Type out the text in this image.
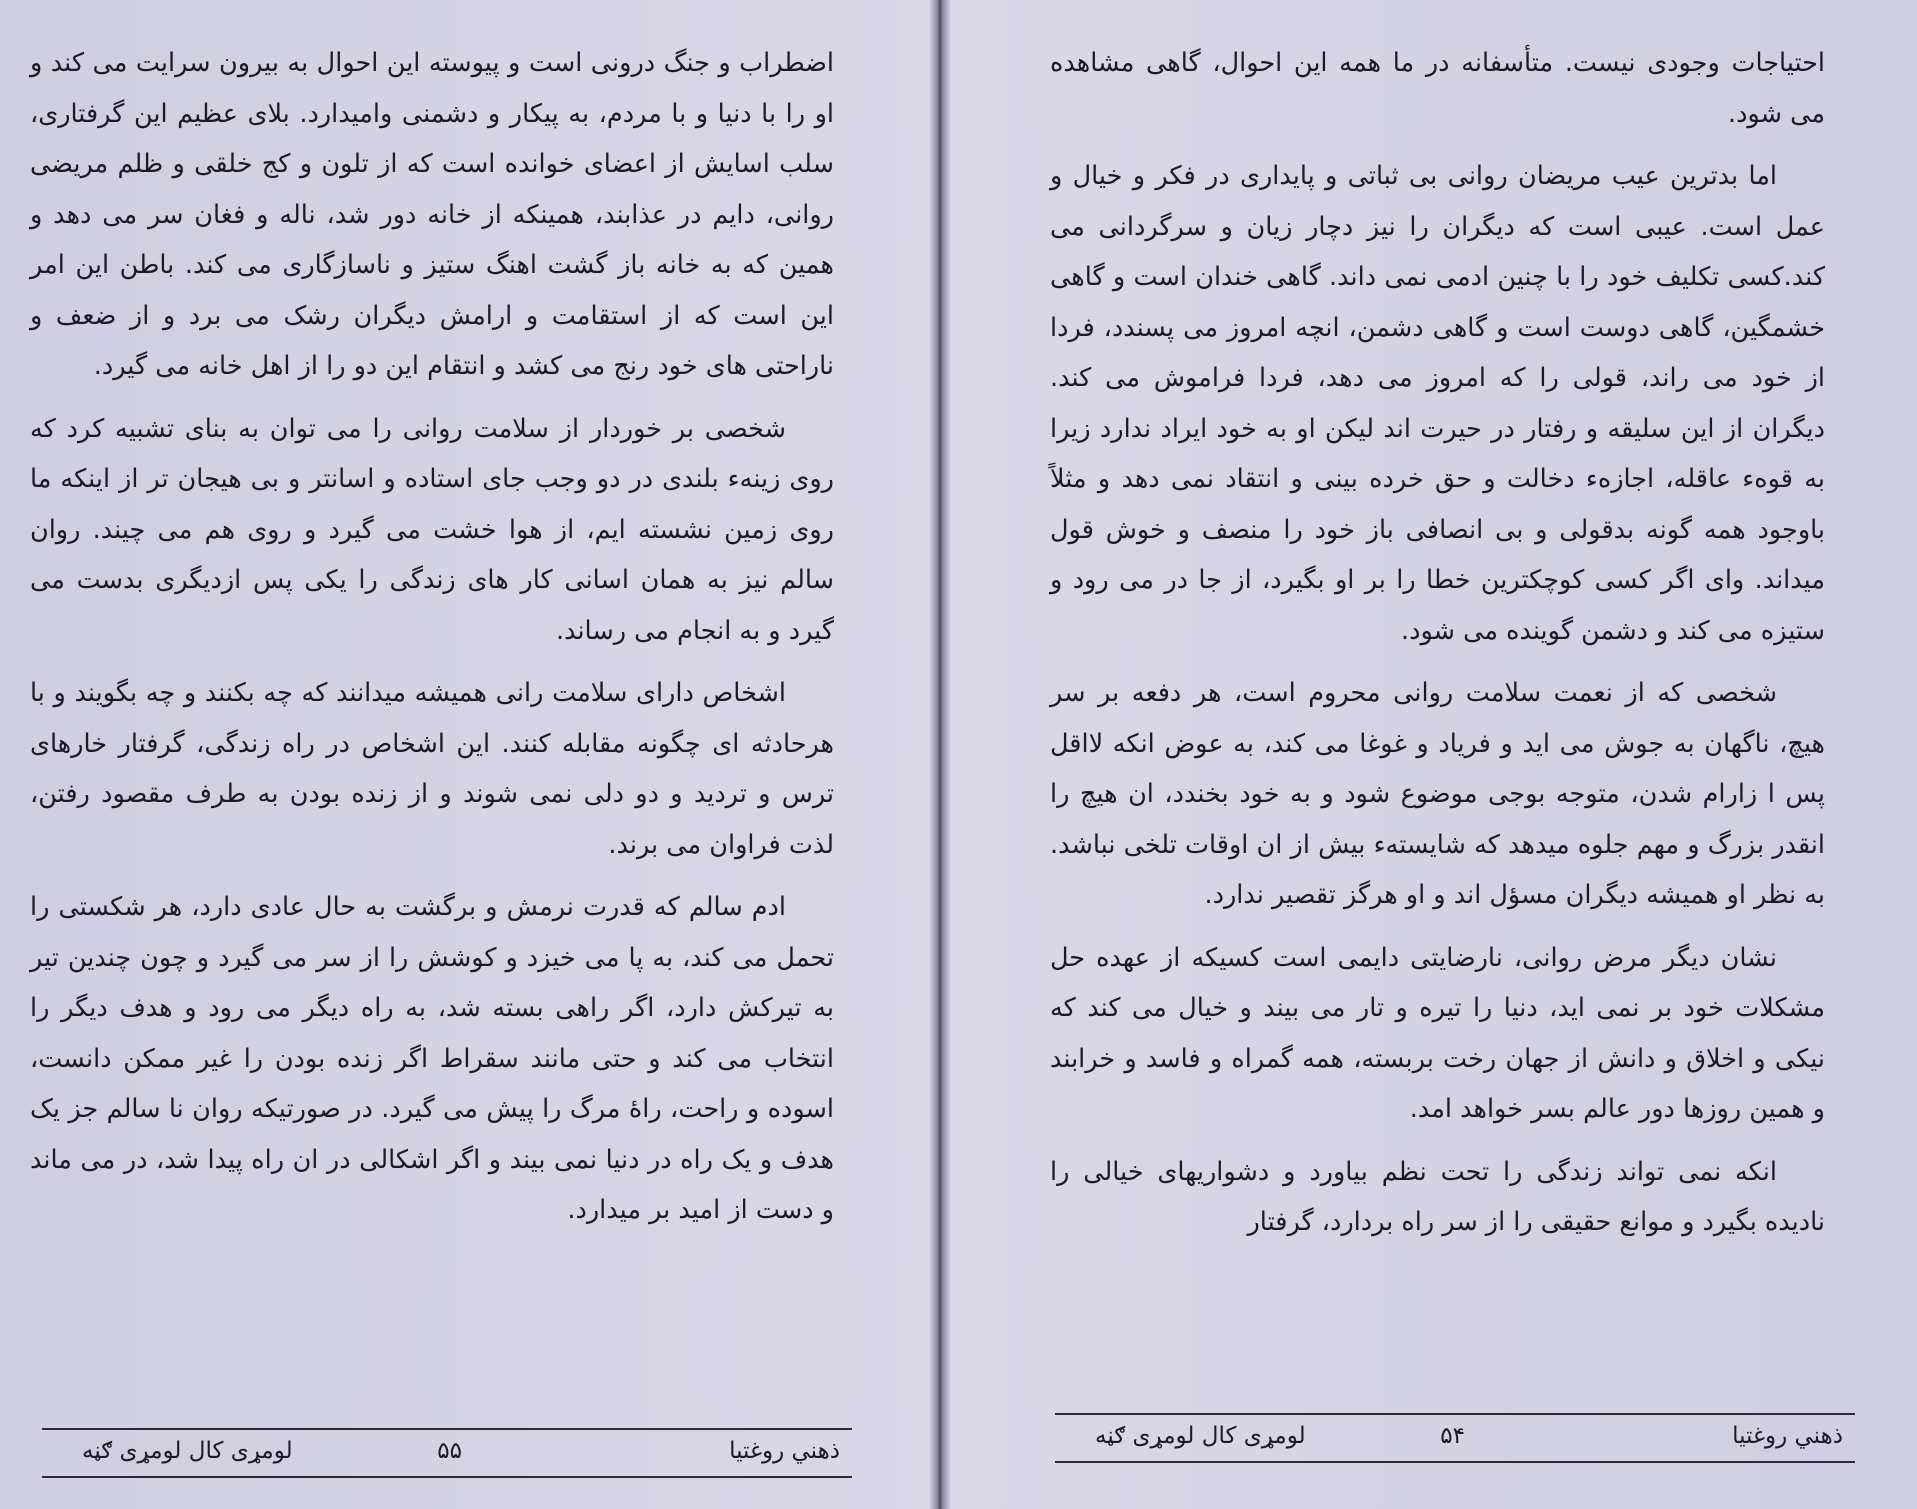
اضطراب و جنگ درونی است و پیوسته این احوال به بیرون سرایت می کند و او را با دنیا و با مردم، به پیکار و دشمنی وامیدارد. بلای عظیم این گرفتاری، سلب اسایش از اعضای خوانده است که از تلون و کج خلقی و ظلم مریضی روانی، دایم در عذابند، همینکه از خانه دور شد، ناله و فغان سر می دهد و همین که به خانه باز گشت اهنگ ستیز و ناسازگاری می کند. باطن این امر این است که از استقامت و ارامش دیگران رشک می برد و از ضعف و ناراحتی های خود رنج می کشد و انتقام این دو را از اهل خانه می گیرد.

شخصی بر خوردار از سلامت روانی را می توان به بنای تشبیه کرد که روی زینهء بلندی در دو وجب جای استاده و اسانتر و بی هیجان تر از اینکه ما روی زمین نشسته ایم، از هوا خشت می گیرد و روی هم می چیند. روان سالم نیز به همان اسانی کار های زندگی را یکی پس ازدیگری بدست می گیرد و به انجام می رساند.

اشخاص دارای سلامت رانی همیشه میدانند که چه بکنند و چه بگویند و با هرحادثه ای چگونه مقابله کنند. این اشخاص در راه زندگی، گرفتار خارهای ترس و تردید و دو دلی نمی شوند و از زنده بودن به طرف مقصود رفتن، لذت فراوان می برند.

ادم سالم که قدرت نرمش و برگشت به حال عادی دارد، هر شکستی را تحمل می کند، به پا می خیزد و کوشش را از سر می گیرد و چون چندین تیر به تیرکش دارد، اگر راهی بسته شد، به راه دیگر می رود و هدف دیگر را انتخاب می کند و حتی مانند سقراط اگر زنده بودن را غیر ممکن دانست، اسوده و راحت، راهٔ مرگ را پیش می گیرد. در صورتیکه روان نا سالم جز یک هدف و یک راه در دنیا نمی بیند و اگر اشکالی در ان راه پیدا شد، در می ماند و دست از امید بر میدارد.

ذهني روغتيا
۵۵
لومړی کال لومړی ګڼه

احتیاجات وجودی نیست. متأسفانه در ما همه این احوال، گاهی مشاهده می شود.

اما بدترین عیب مریضان روانی بی ثباتی و پایداری در فکر و خیال و عمل است. عیبی است که دیگران را نیز دچار زیان و سرگردانی می کند.کسی تکلیف خود را با چنین ادمی نمی داند. گاهی خندان است و گاهی خشمگین، گاهی دوست است و گاهی دشمن، انچه امروز می پسندد، فردا از خود می راند، قولی را که امروز می دهد، فردا فراموش می کند. دیگران از این سلیقه و رفتار در حیرت اند لیکن او به خود ایراد ندارد زیرا به قوهء عاقله، اجازهء دخالت و حق خرده بینی و انتقاد نمی دهد و مثلاً باوجود همه گونه بدقولی و بی انصافی باز خود را منصف و خوش قول میداند. وای اگر کسی کوچکترین خطا را بر او بگیرد، از جا در می رود و ستیزه می کند و دشمن گوینده می شود.

شخصی که از نعمت سلامت روانی محروم است، هر دفعه بر سر هیچ، ناگهان به جوش می اید و فریاد و غوغا می کند، به عوض انکه لااقل پس ا زارام شدن، متوجه بوجی موضوع شود و به خود بخندد، ان هیچ را انقدر بزرگ و مهم جلوه میدهد که شایستهء بیش از ان اوقات تلخی نباشد. به نظر او همیشه دیگران مسؤل اند و او هرگز تقصیر ندارد.

نشان دیگر مرض روانی، نارضایتی دایمی است کسیکه از عهده حل مشکلات خود بر نمی اید، دنیا را تیره و تار می بیند و خیال می کند که نیکی و اخلاق و دانش از جهان رخت بربسته، همه گمراه و فاسد و خرابند و همین روزها دور عالم بسر خواهد امد.

انکه نمی تواند زندگی را تحت نظم بیاورد و دشواریهای خیالی را نادیده بگیرد و موانع حقیقی را از سر راه بردارد، گرفتار

ذهني روغتيا
۵۴
لومړی کال لومړی ګڼه
